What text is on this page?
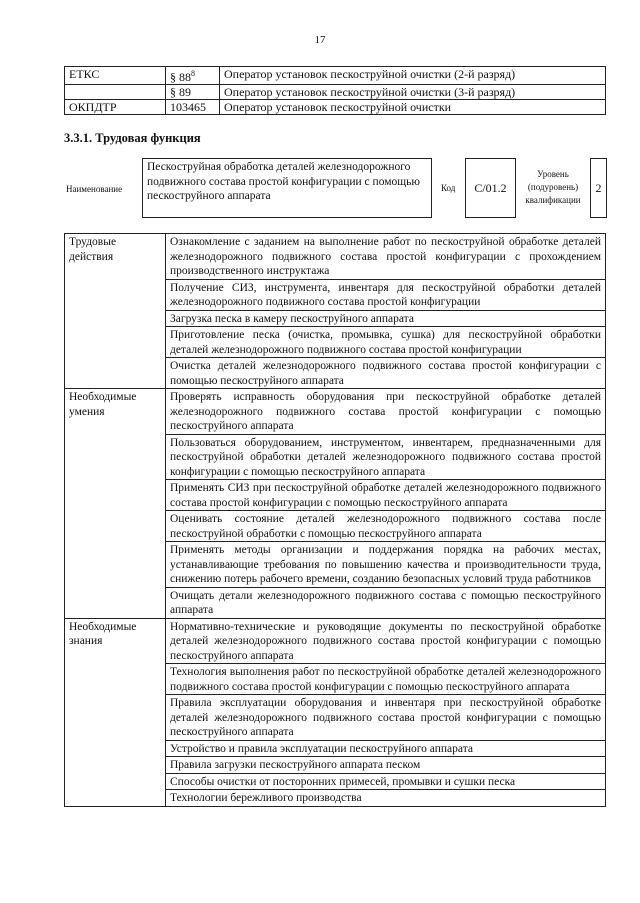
17
ЕТКС	§ $88^8$	Оператор установок пескоструйной очистки (2-й разряд)
	§ 89	Оператор установок пескоструйной очистки (3-й разряд)
ОКПДТР	103465	Оператор установок пескоструйной очистки
3.3.1. Трудовая функция
Наименование
Пескоструйная обработка деталей железнодорожного подвижного состава простой конфигурации с помощью пескоструйного аппарата
Код	С/01.2
Уровень
(подуровень)
квалификации
2
Трудовые действия	Ознакомление с заданием на выполнение работ по пескоструйной обработке деталей железнодорожного подвижного состава простой конфигурации с прохождением производственного инструктажа
	Получение СИЗ, инструмента, инвентаря для пескоструйной обработки деталей железнодорожного подвижного состава простой конфигурации
	Загрузка песка в камеру пескоструйного аппарата
	Приготовление песка (очистка, промывка, сушка) для пескоструйной обработки деталей железнодорожного подвижного состава простой конфигурации
	Очистка деталей железнодорожного подвижного состава простой конфигурации с помощью пескоструйного аппарата
Необходимые умения	Проверять исправность оборудования при пескоструйной обработке деталей железнодорожного подвижного состава простой конфигурации с помощью пескоструйного аппарата
	Пользоваться оборудованием, инструментом, инвентарем, предназначенными для пескоструйной обработки деталей железнодорожного подвижного состава простой конфигурации с помощью пескоструйного аппарата
	Применять СИЗ при пескоструйной обработке деталей железнодорожного подвижного состава простой конфигурации с помощью пескоструйного аппарата
	Оценивать состояние деталей железнодорожного подвижного состава после пескоструйной обработки с помощью пескоструйного аппарата
	Применять методы организации и поддержания порядка на рабочих местах, устанавливающие требования по повышению качества и производительности труда, снижению потерь рабочего времени, созданию безопасных условий труда работников
	Очищать детали железнодорожного подвижного состава с помощью пескоструйного аппарата
Необходимые знания	Нормативно-технические и руководящие документы по пескоструйной обработке деталей железнодорожного подвижного состава простой конфигурации с помощью пескоструйного аппарата
	Технология выполнения работ по пескоструйной обработке деталей железнодорожного подвижного состава простой конфигурации с помощью пескоструйного аппарата
	Правила эксплуатации оборудования и инвентаря при пескоструйной обработке деталей железнодорожного подвижного состава простой конфигурации с помощью пескоструйного аппарата
	Устройство и правила эксплуатации пескоструйного аппарата
	Правила загрузки пескоструйного аппарата песком
	Способы очистки от посторонних примесей, промывки и сушки песка
	Технологии бережливого производства
